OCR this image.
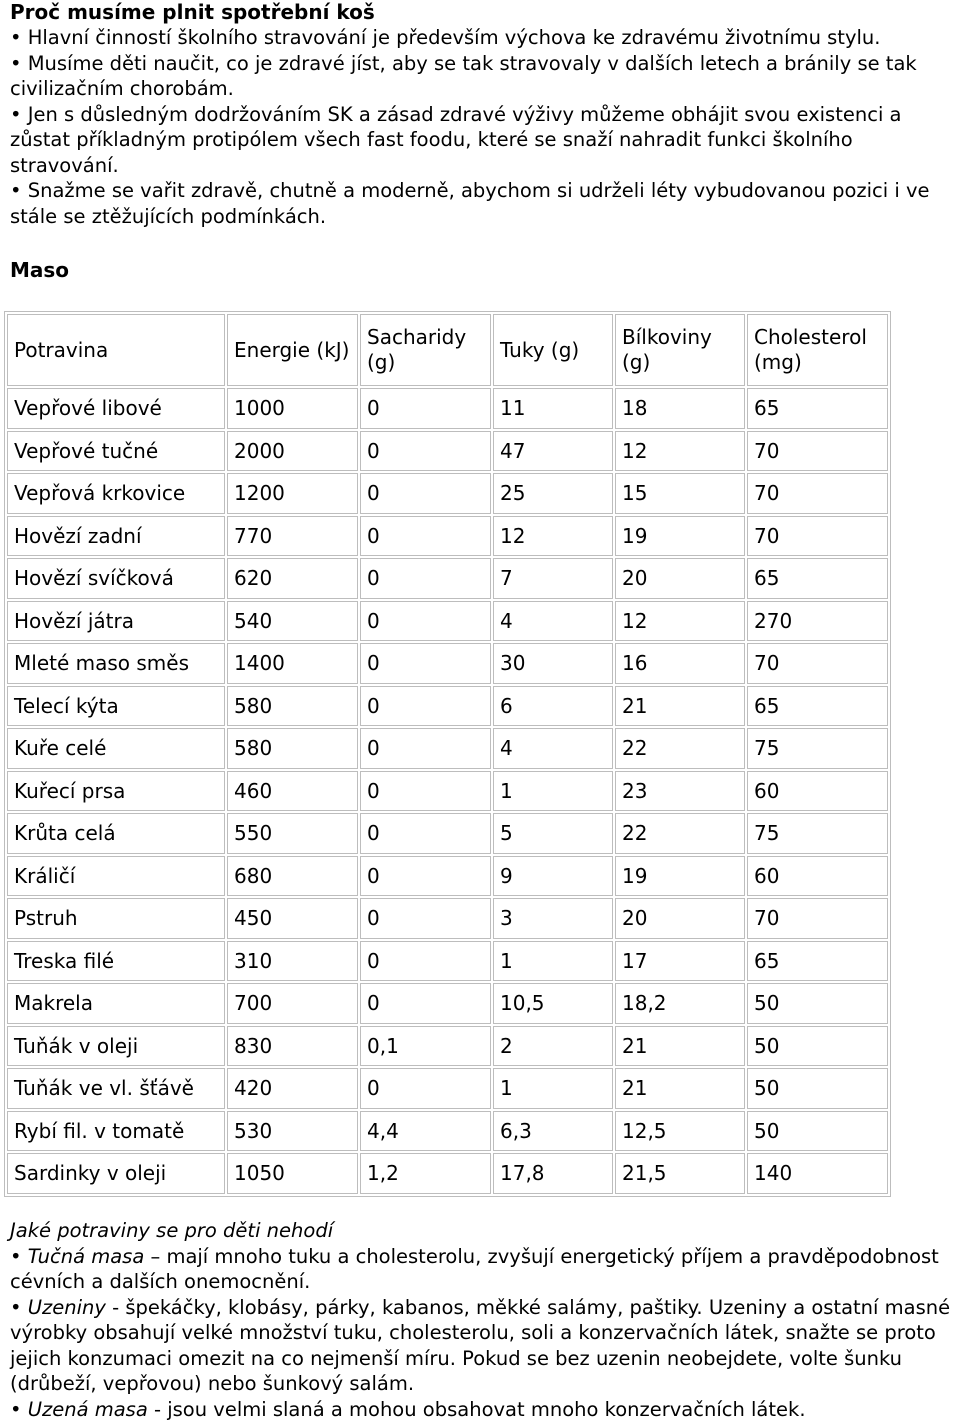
Proč musíme plnit spotřební koš

• Hlavní činností školního stravování je především výchova ke zdravému životnímu stylu.

• Musíme děti naučit, co je zdravé jíst, aby se tak stravovaly v dalších letech a bránily se tak civilizačním chorobám.

• Jen s důsledným dodržováním SK a zásad zdravé výživy můžeme obhájit svou existenci a zůstat příkladným protipólem všech fast foodu, které se snaží nahradit funkci školního stravování.

• Snažme se vařit zdravě, chutně a moderně, abychom si udrželi léty vybudovanou pozici i ve stále se ztěžujících podmínkách.

Maso
Potravina	Energie (kJ)	Sacharidy (g)	Tuky (g)	Bílkoviny (g)	Cholesterol (mg)
Vepřové libové	1000	0	11	18	65
Vepřové tučné	2000	0	47	12	70
Vepřová krkovice	1200	0	25	15	70
Hovězí zadní	770	0	12	19	70
Hovězí svíčková	620	0	7	20	65
Hovězí játra	540	0	4	12	270
Mleté maso směs	1400	0	30	16	70
Telecí kýta	580	0	6	21	65
Kuře celé	580	0	4	22	75
Kuřecí prsa	460	0	1	23	60
Krůta celá	550	0	5	22	75
Králičí	680	0	9	19	60
Pstruh	450	0	3	20	70
Treska filé	310	0	1	17	65
Makrela	700	0	10,5	18,2	50
Tuňák v oleji	830	0,1	2	21	50
Tuňák ve vl. šťávě	420	0	1	21	50
Rybí fil. v tomatě	530	4,4	6,3	12,5	50
Sardinky v oleji	1050	1,2	17,8	21,5	140

Jaké potraviny se pro děti nehodí

• Tučná masa – mají mnoho tuku a cholesterolu, zvyšují energetický příjem a pravděpodobnost cévních a dalších onemocnění.

• Uzeniny - špekáčky, klobásy, párky, kabanos, měkké salámy, paštiky. Uzeniny a ostatní masné výrobky obsahují velké množství tuku, cholesterolu, soli a konzervačních látek, snažte se proto jejich konzumaci omezit na co nejmenší míru. Pokud se bez uzenin neobejdete, volte šunku (drůbeží, vepřovou) nebo šunkový salám.

• Uzená masa - jsou velmi slaná a mohou obsahovat mnoho konzervačních látek.
